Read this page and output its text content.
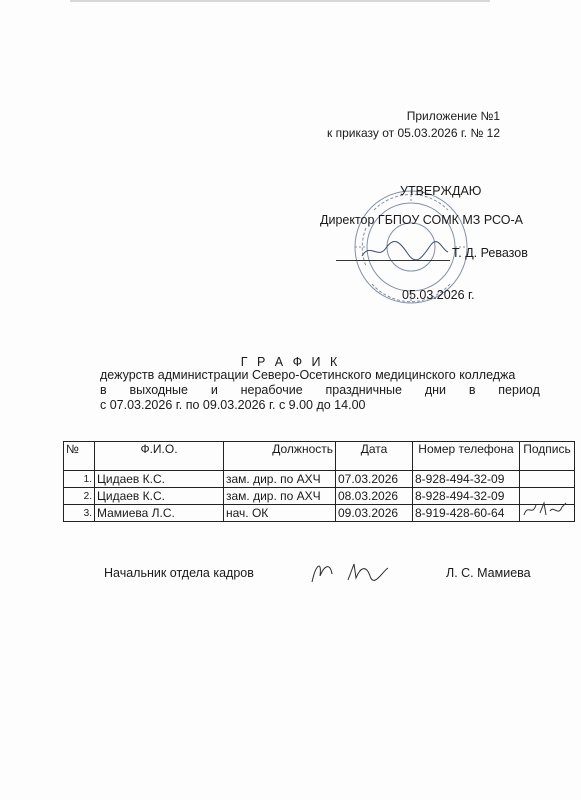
Приложение №1
к приказу от 05.03.2026 г. № 12
УТВЕРЖДАЮ
Директор ГБПОУ СОМК МЗ РСО-А
Т. Д. Ревазов
05.03.2026 г.
Г Р А Ф И К
дежурств администрации Северо-Осетинского медицинского колледжа
в выходные и нерабочие праздничные дни в период
с 07.03.2026 г. по 09.03.2026 г. с 9.00 до 14.00
№	Ф.И.О.	Должность	Дата	Номер телефона	Подпись
1.	Цидаев К.С.	зам. дир. по АХЧ	07.03.2026	8-928-494-32-09	
2.	Цидаев К.С.	зам. дир. по АХЧ	08.03.2026	8-928-494-32-09	
3.	Мамиева Л.С.	нач. ОК	09.03.2026	8-919-428-60-64	
Начальник отдела кадров	Л. С. Мамиева
